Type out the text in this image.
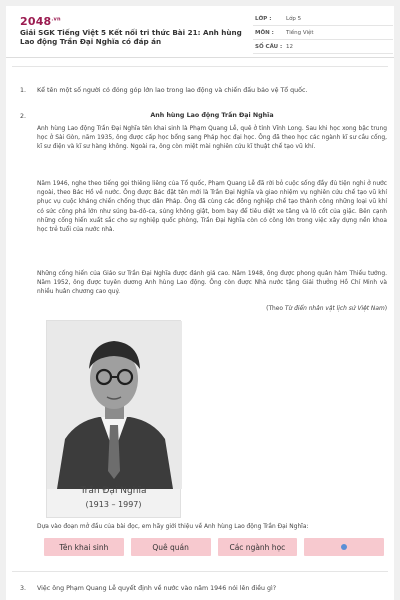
$2048^{.vn}$
Giải SGK Tiếng Việt 5 Kết nối tri thức Bài 21: Anh hùng Lao động Trần Đại Nghĩa có đáp án
LỚP :	Lớp 5
MÔN :	Tiếng Việt
SỐ CÂU : 12
1. Kể tên một số người có đóng góp lớn lao trong lao động và chiến đấu bảo vệ Tổ quốc.
2.	Anh hùng Lao động Trần Đại Nghĩa
Anh hùng Lao động Trần Đại Nghĩa tên khai sinh là Phạm Quang Lễ, quê ở tỉnh Vĩnh Long. Sau khi học xong bậc trung học ở Sài Gòn, năm 1935, ông được cấp học bổng sang Pháp học đại học. Ông đã theo học các ngành kĩ sư cầu cống, kĩ sư điện và kĩ sư hàng không. Ngoài ra, ông còn miệt mài nghiên cứu kĩ thuật chế tạo vũ khí.
Năm 1946, nghe theo tiếng gọi thiêng liêng của Tổ quốc, Phạm Quang Lễ đã rời bỏ cuộc sống đầy đủ tiện nghi ở nước ngoài, theo Bác Hồ về nước. Ông được Bác đặt tên mới là Trần Đại Nghĩa và giao nhiệm vụ nghiên cứu chế tạo vũ khí phục vụ cuộc kháng chiến chống thực dân Pháp. Ông đã cùng các đồng nghiệp chế tạo thành công những loại vũ khí có sức công phá lớn như súng ba-dô-ca, súng không giật, bom bay để tiêu diệt xe tăng và lô cốt của giặc. Bên cạnh những cống hiến xuất sắc cho sự nghiệp quốc phòng, Trần Đại Nghĩa còn có công lớn trong việc xây dựng nền khoa học trẻ tuổi của nước nhà.
Những cống hiến của Giáo sư Trần Đại Nghĩa được đánh giá cao. Năm 1948, ông được phong quân hàm Thiếu tướng. Năm 1952, ông được tuyên dương Anh hùng Lao động. Ông còn được Nhà nước tặng Giải thưởng Hồ Chí Minh và nhiều huân chương cao quý.
(Theo Từ điển nhân vật lịch sử Việt Nam)
Trần Đại Nghĩa
(1913 – 1997)
Dựa vào đoạn mở đầu của bài đọc, em hãy giới thiệu về Anh hùng Lao động Trần Đại Nghĩa:
Tên khai sinh	Quê quán	Các ngành học
3. Việc ông Phạm Quang Lễ quyết định về nước vào năm 1946 nói lên điều gì?
